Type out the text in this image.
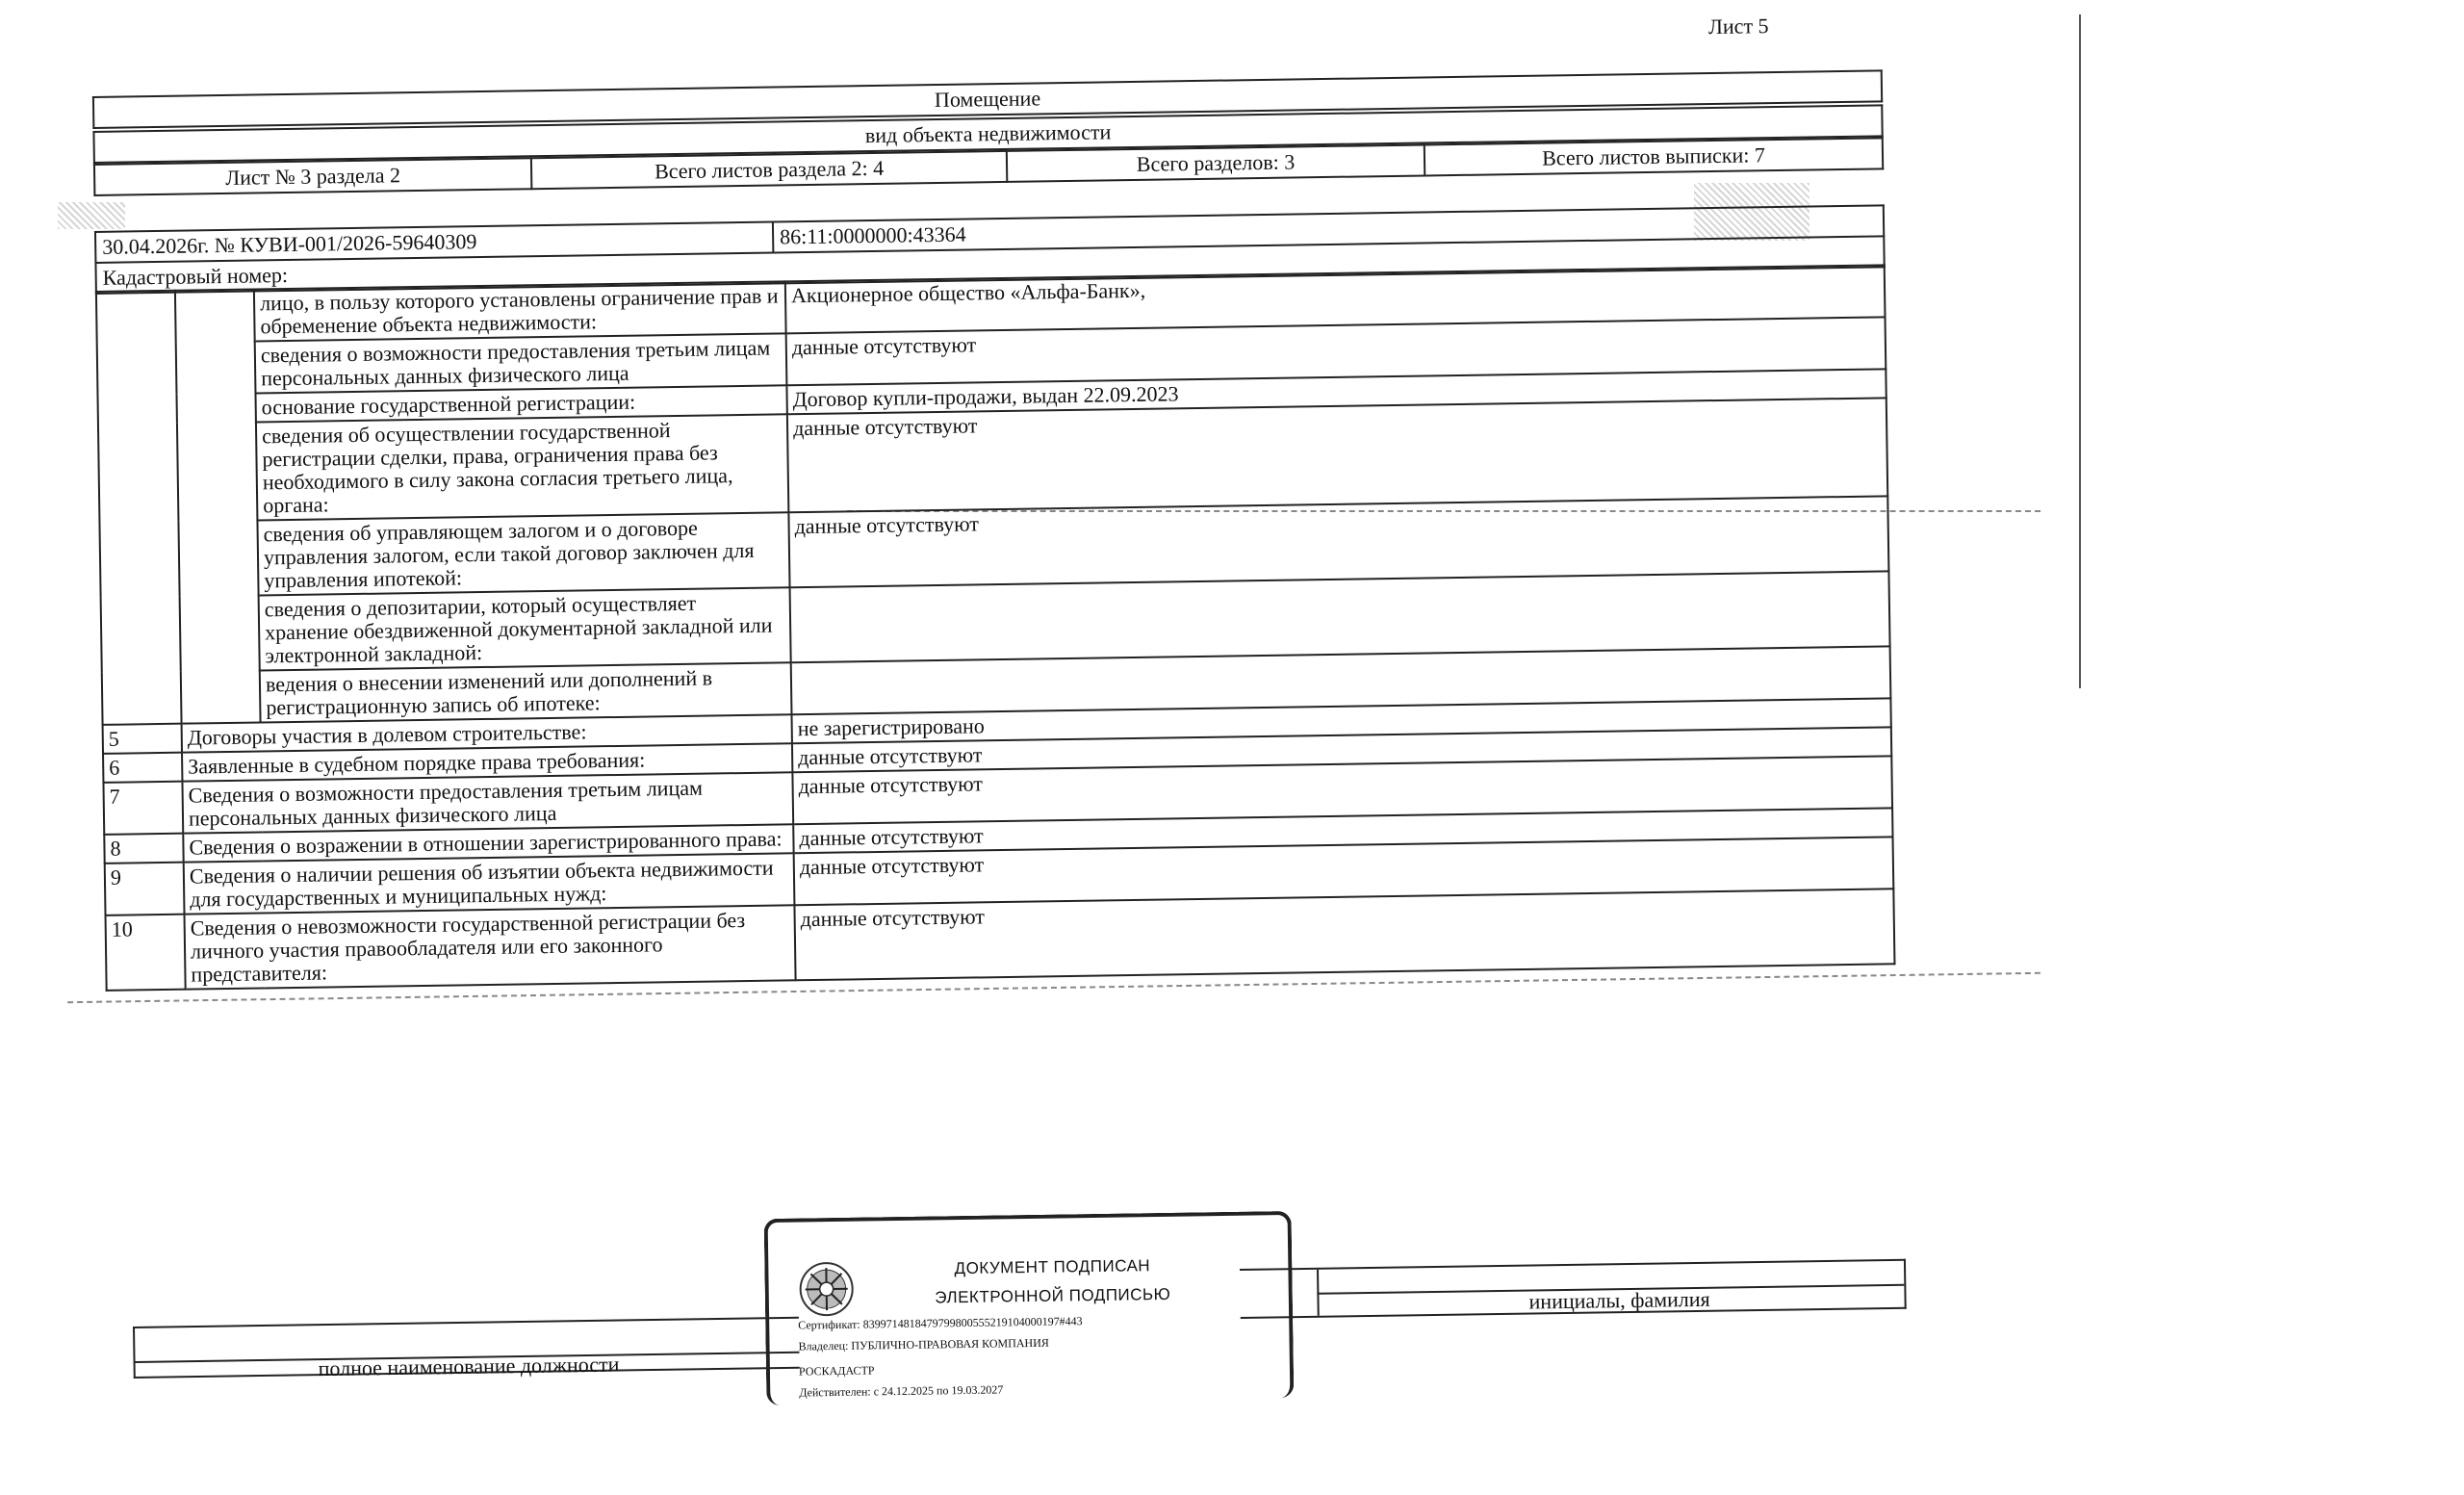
Лист 5
Помещение
вид объекта недвижимости
Лист № 3 раздела 2	Всего листов раздела 2: 4	Всего разделов: 3	Всего листов выписки: 7
30.04.2026г. № КУВИ-001/2026-59640309	86:11:0000000:43364
Кадастровый номер:
		лицо, в пользу которого установлены ограничение прав и обременение объекта недвижимости:	Акционерное общество «Альфа-Банк»,
		сведения о возможности предоставления третьим лицам персональных данных физического лица	данные отсутствуют
		основание государственной регистрации:	Договор купли-продажи, выдан 22.09.2023
		сведения об осуществлении государственной регистрации сделки, права, ограничения права без необходимого в силу закона согласия третьего лица, органа:	данные отсутствуют
		сведения об управляющем залогом и о договоре управления залогом, если такой договор заключен для управления ипотекой:	данные отсутствуют
		сведения о депозитарии, который осуществляет хранение обездвиженной документарной закладной или электронной закладной:	
		ведения о внесении изменений или дополнений в регистрационную запись об ипотеке:	
5	Договоры участия в долевом строительстве:		не зарегистрировано
6	Заявленные в судебном порядке права требования:		данные отсутствуют
7	Сведения о возможности предоставления третьим лицам персональных данных физического лица		данные отсутствуют
8	Сведения о возражении в отношении зарегистрированного права:		данные отсутствуют
9	Сведения о наличии решения об изъятии объекта недвижимости для государственных и муниципальных нужд:		данные отсутствуют
10	Сведения о невозможности государственной регистрации без личного участия правообладателя или его законного представителя:		данные отсутствуют
полное наименование должности
инициалы, фамилия
ДОКУМЕНТ ПОДПИСАН
ЭЛЕКТРОННОЙ ПОДПИСЬЮ
Сертификат: 8399714818479799800555219104000197#443
Владелец: ПУБЛИЧНО-ПРАВОВАЯ КОМПАНИЯ
РОСКАДАСТР
Действителен: с 24.12.2025 по 19.03.2027
